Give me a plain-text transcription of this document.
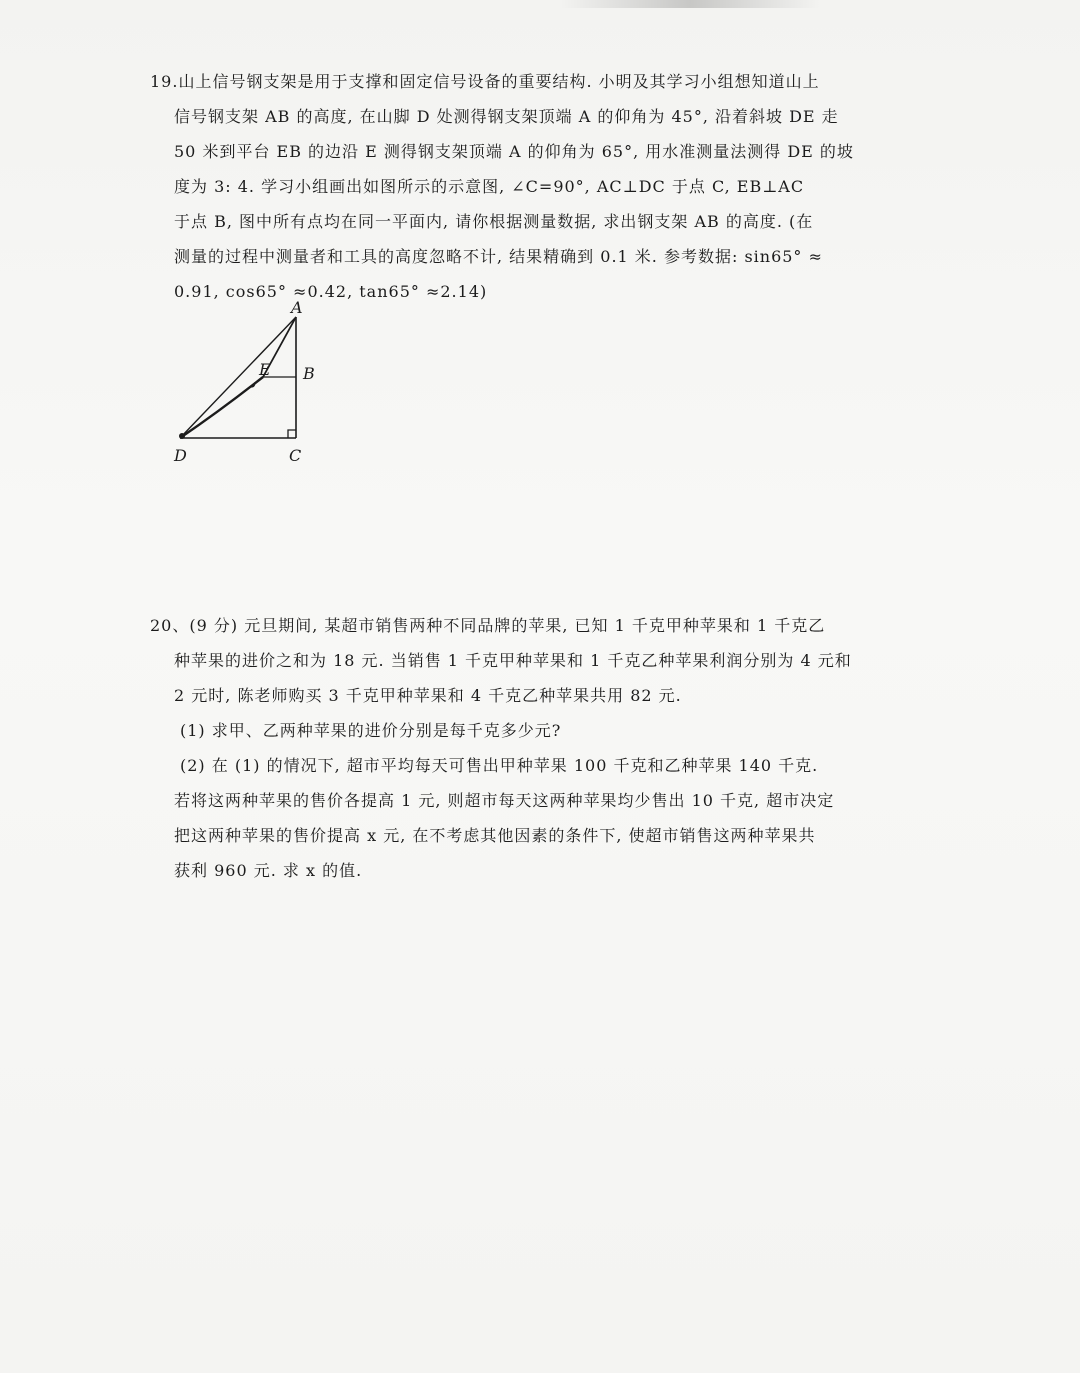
19.山上信号钢支架是用于支撑和固定信号设备的重要结构. 小明及其学习小组想知道山上
信号钢支架 AB 的高度, 在山脚 D 处测得钢支架顶端 A 的仰角为 45°, 沿着斜坡 DE 走
50 米到平台 EB 的边沿 E 测得钢支架顶端 A 的仰角为 65°, 用水准测量法测得 DE 的坡
度为 3: 4. 学习小组画出如图所示的示意图, ∠C=90°, AC⊥DC 于点 C, EB⊥AC
于点 B, 图中所有点均在同一平面内, 请你根据测量数据, 求出钢支架 AB 的高度. (在
测量的过程中测量者和工具的高度忽略不计, 结果精确到 0.1 米. 参考数据: sin65° ≈
0.91, cos65° ≈0.42, tan65° ≈2.14)
A
B
C
D
E
20、(9 分) 元旦期间, 某超市销售两种不同品牌的苹果, 已知 1 千克甲种苹果和 1 千克乙
种苹果的进价之和为 18 元. 当销售 1 千克甲种苹果和 1 千克乙种苹果利润分别为 4 元和
2 元时, 陈老师购买 3 千克甲种苹果和 4 千克乙种苹果共用 82 元.
(1) 求甲、乙两种苹果的进价分别是每千克多少元?
(2) 在 (1) 的情况下, 超市平均每天可售出甲种苹果 100 千克和乙种苹果 140 千克.
若将这两种苹果的售价各提高 1 元, 则超市每天这两种苹果均少售出 10 千克, 超市决定
把这两种苹果的售价提高 x 元, 在不考虑其他因素的条件下, 使超市销售这两种苹果共
获利 960 元. 求 x 的值.
